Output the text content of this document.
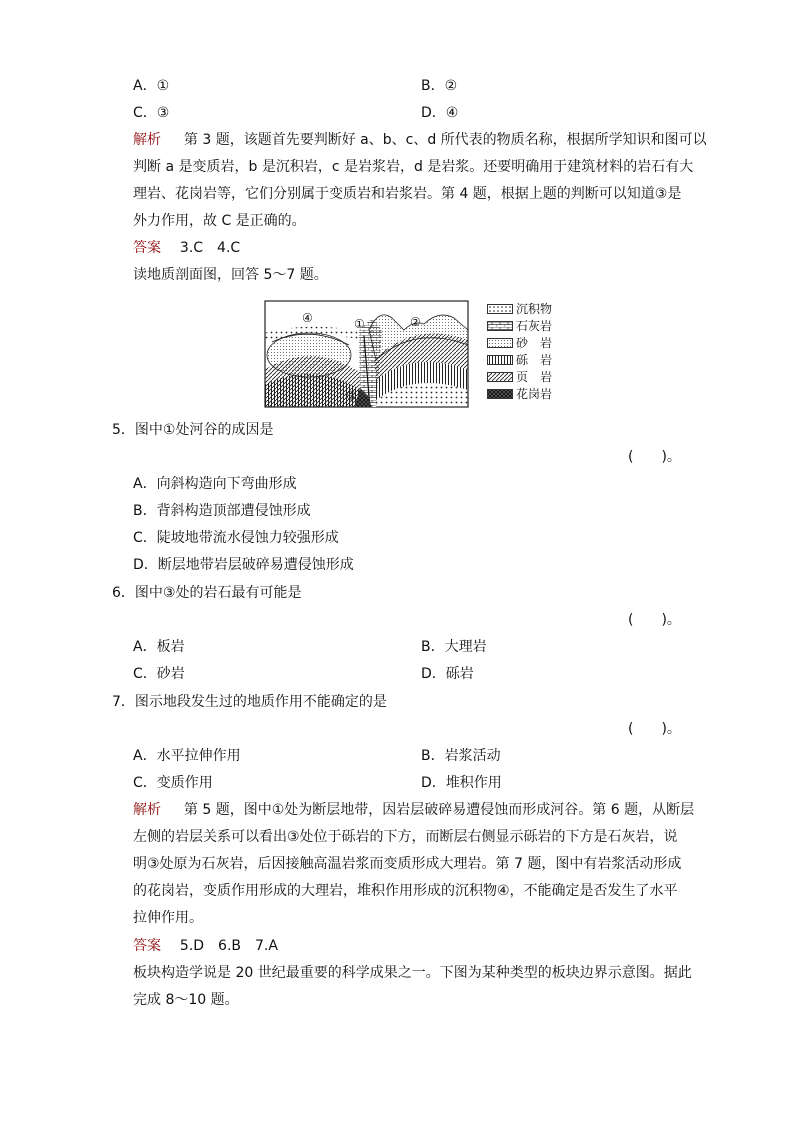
A．①	B．②
C．③	D．④
解析 第 3 题，该题首先要判断好 a、b、c、d 所代表的物质名称，根据所学知识和图可以
判断 a 是变质岩，b 是沉积岩，c 是岩浆岩，d 是岩浆。还要明确用于建筑材料的岩石有大
理岩、花岗岩等，它们分别属于变质岩和岩浆岩。第 4 题，根据上题的判断可以知道③是
外力作用，故 C 是正确的。
答案 3.C　4.C
读地质剖面图，回答 5～7 题。
④	①	②
③
沉积物
石灰岩
砂　岩
砾　岩
页　岩
花岗岩
5．图中①处河谷的成因是
(　　)。
A．向斜构造向下弯曲形成
B．背斜构造顶部遭侵蚀形成
C．陡坡地带流水侵蚀力较强形成
D．断层地带岩层破碎易遭侵蚀形成
6．图中③处的岩石最有可能是
(　　)。
A．板岩	B．大理岩
C．砂岩	D．砾岩
7．图示地段发生过的地质作用不能确定的是
(　　)。
A．水平拉伸作用	B．岩浆活动
C．变质作用	D．堆积作用
解析 第 5 题，图中①处为断层地带，因岩层破碎易遭侵蚀而形成河谷。第 6 题，从断层
左侧的岩层关系可以看出③处位于砾岩的下方，而断层右侧显示砾岩的下方是石灰岩，说
明③处原为石灰岩，后因接触高温岩浆而变质形成大理岩。第 7 题，图中有岩浆活动形成
的花岗岩，变质作用形成的大理岩，堆积作用形成的沉积物④，不能确定是否发生了水平
拉伸作用。
答案 5.D　6.B　7.A
板块构造学说是 20 世纪最重要的科学成果之一。下图为某种类型的板块边界示意图。据此
完成 8～10 题。
